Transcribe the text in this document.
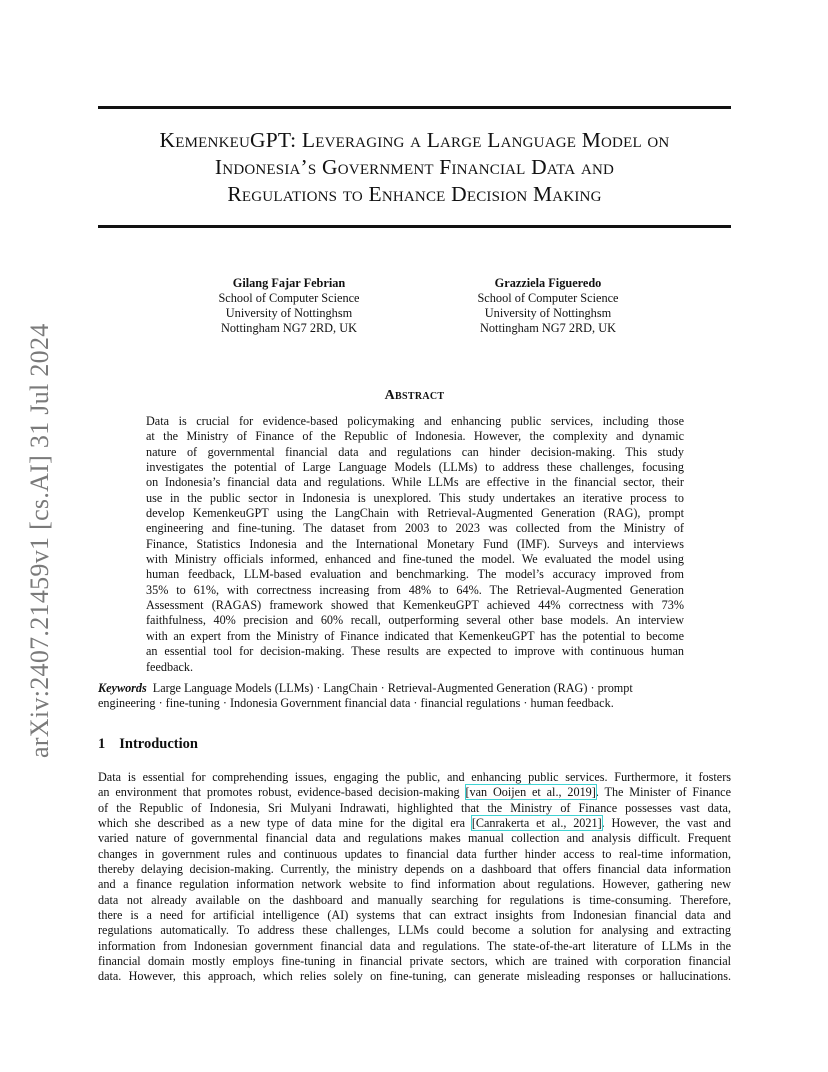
arXiv:2407.21459v1 [cs.AI] 31 Jul 2024
KemenkeuGPT: Leveraging a Large Language Model on
Indonesia’s Government Financial Data and
Regulations to Enhance Decision Making
Gilang Fajar Febrian
School of Computer Science
University of Nottinghsm
Nottingham NG7 2RD, UK
Grazziela Figueredo
School of Computer Science
University of Nottinghsm
Nottingham NG7 2RD, UK
Abstract
Data is crucial for evidence-based policymaking and enhancing public services, including those
at the Ministry of Finance of the Republic of Indonesia. However, the complexity and dynamic
nature of governmental financial data and regulations can hinder decision-making. This study
investigates the potential of Large Language Models (LLMs) to address these challenges, focusing
on Indonesia’s financial data and regulations. While LLMs are effective in the financial sector, their
use in the public sector in Indonesia is unexplored. This study undertakes an iterative process to
develop KemenkeuGPT using the LangChain with Retrieval-Augmented Generation (RAG), prompt
engineering and fine-tuning. The dataset from 2003 to 2023 was collected from the Ministry of
Finance, Statistics Indonesia and the International Monetary Fund (IMF). Surveys and interviews
with Ministry officials informed, enhanced and fine-tuned the model. We evaluated the model using
human feedback, LLM-based evaluation and benchmarking. The model’s accuracy improved from
35% to 61%, with correctness increasing from 48% to 64%. The Retrieval-Augmented Generation
Assessment (RAGAS) framework showed that KemenkeuGPT achieved 44% correctness with 73%
faithfulness, 40% precision and 60% recall, outperforming several other base models. An interview
with an expert from the Ministry of Finance indicated that KemenkeuGPT has the potential to become
an essential tool for decision-making. These results are expected to improve with continuous human
feedback.
Keywords Large Language Models (LLMs) · LangChain · Retrieval-Augmented Generation (RAG) · prompt
engineering · fine-tuning · Indonesia Government financial data · financial regulations · human feedback.
1 Introduction
Data is essential for comprehending issues, engaging the public, and enhancing public services. Furthermore, it fosters
an environment that promotes robust, evidence-based decision-making [van Ooijen et al., 2019]. The Minister of Finance
of the Republic of Indonesia, Sri Mulyani Indrawati, highlighted that the Ministry of Finance possesses vast data,
which she described as a new type of data mine for the digital era [Canrakerta et al., 2021]. However, the vast and
varied nature of governmental financial data and regulations makes manual collection and analysis difficult. Frequent
changes in government rules and continuous updates to financial data further hinder access to real-time information,
thereby delaying decision-making. Currently, the ministry depends on a dashboard that offers financial data information
and a finance regulation information network website to find information about regulations. However, gathering new
data not already available on the dashboard and manually searching for regulations is time-consuming. Therefore,
there is a need for artificial intelligence (AI) systems that can extract insights from Indonesian financial data and
regulations automatically. To address these challenges, LLMs could become a solution for analysing and extracting
information from Indonesian government financial data and regulations. The state-of-the-art literature of LLMs in the
financial domain mostly employs fine-tuning in financial private sectors, which are trained with corporation financial
data. However, this approach, which relies solely on fine-tuning, can generate misleading responses or hallucinations.
